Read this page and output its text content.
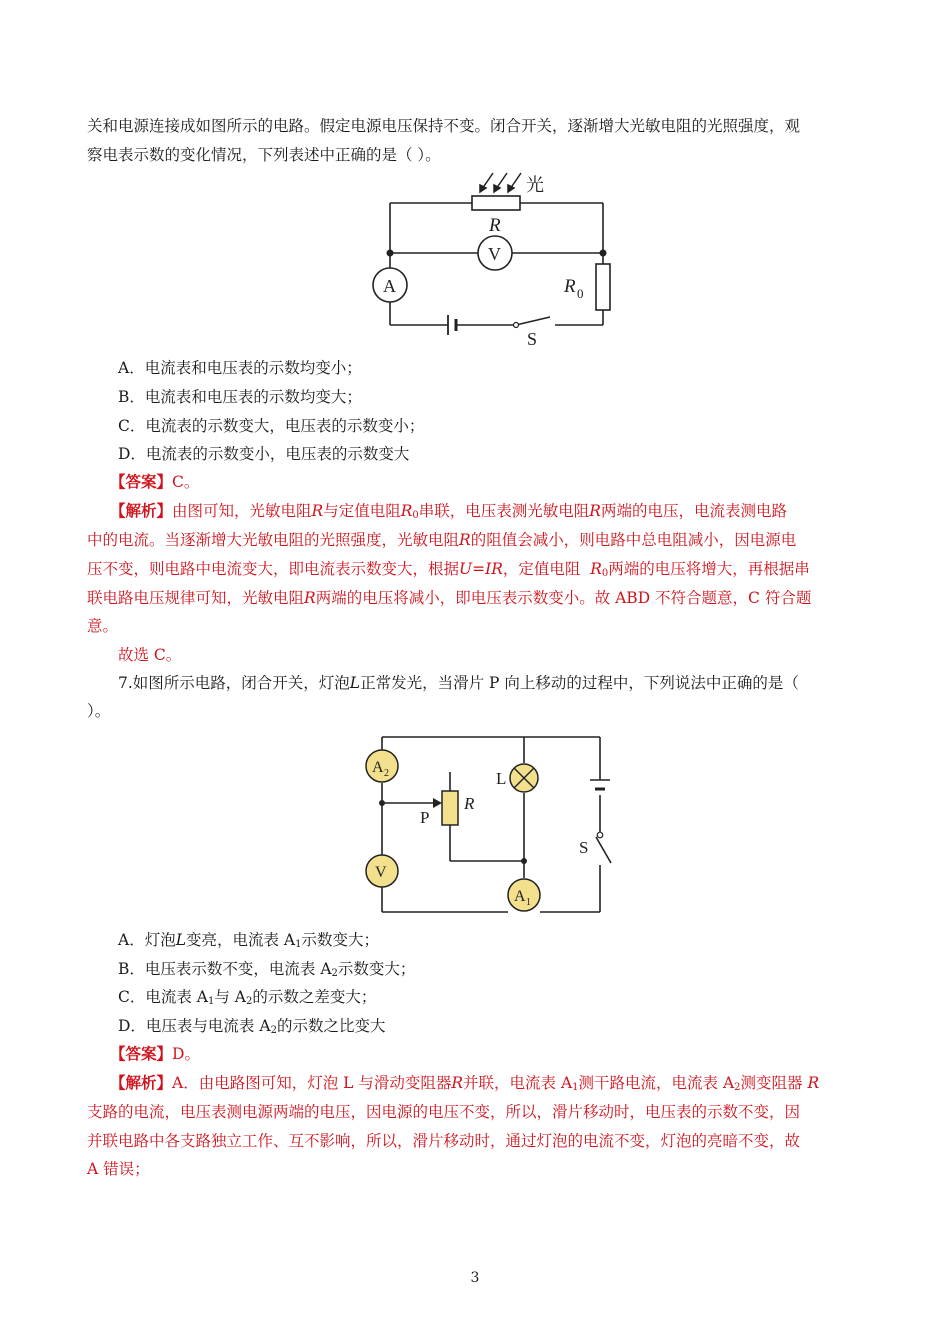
关和电源连接成如图所示的电路。假定电源电压保持不变。闭合开关，逐渐增大光敏电阻的光照强度，观
察电表示数的变化情况，下列表述中正确的是（ ）。
光
R
V
A	R 0
S
A．电流表和电压表的示数均变小；
B．电流表和电压表的示数均变大；
C．电流表的示数变大，电压表的示数变小；
D．电流表的示数变小，电压表的示数变大
【答案】C。
【解析】由图可知，光敏电阻R与定值电阻$R_0$串联，电压表测光敏电阻R两端的电压，电流表测电路
中的电流。当逐渐增大光敏电阻的光照强度，光敏电阻R的阻值会减小，则电路中总电阻减小，因电源电
压不变，则电路中电流变大，即电流表示数变大，根据U=IR，定值电阻 $R_0$两端的电压将增大，再根据串
联电路电压规律可知，光敏电阻R两端的电压将减小，即电压表示数变小。故 ABD 不符合题意，C 符合题
意。
故选 C。
7.如图所示电路，闭合开关，灯泡L正常发光，当滑片 P 向上移动的过程中，下列说法中正确的是（
）。
A 2	L
P
R
V
S
A 1
A．灯泡L变亮，电流表 $A_1$示数变大；
B．电压表示数不变，电流表 $A_2$示数变大；
C．电流表 $A_1$与 $A_2$的示数之差变大；
D．电压表与电流表 $A_2$的示数之比变大
【答案】D。
【解析】A．由电路图可知，灯泡 L 与滑动变阻器R并联，电流表 $A_1$测干路电流，电流表 $A_2$测变阻器 R
支路的电流，电压表测电源两端的电压，因电源的电压不变，所以，滑片移动时，电压表的示数不变，因
并联电路中各支路独立工作、互不影响，所以，滑片移动时，通过灯泡的电流不变，灯泡的亮暗不变，故
A 错误；
3
